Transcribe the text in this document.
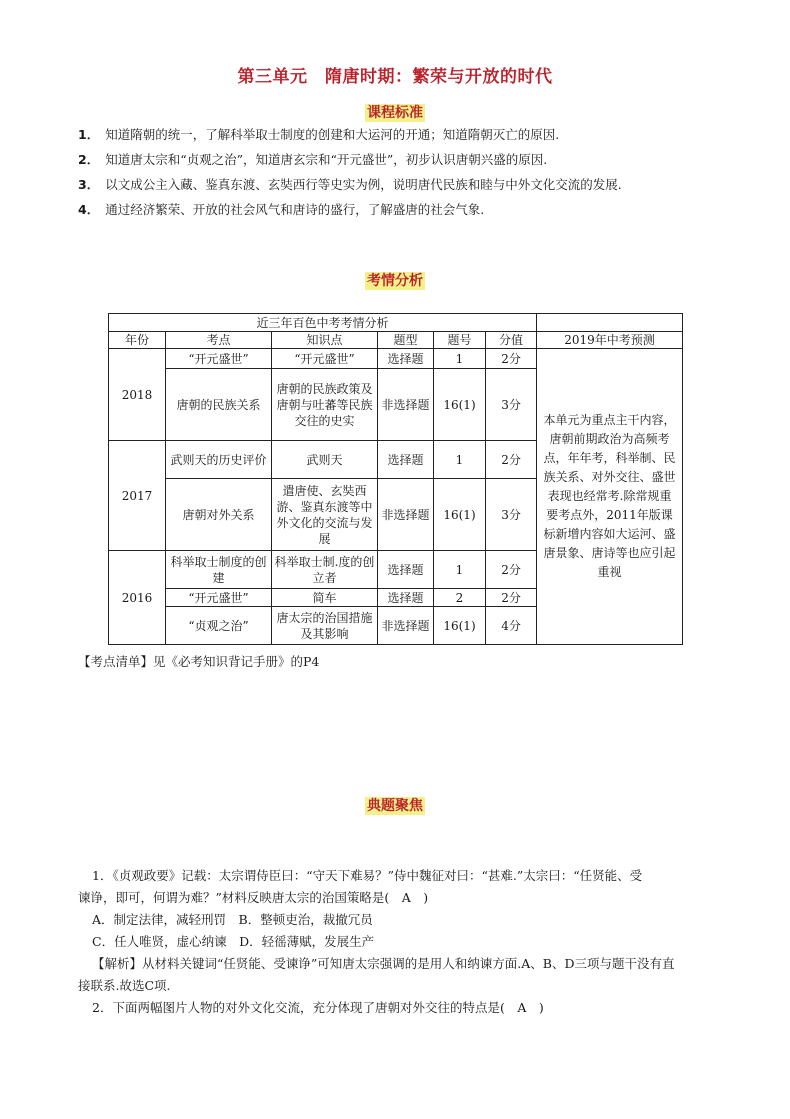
第三单元　隋唐时期：繁荣与开放的时代
课程标准
1． 知道隋朝的统一，了解科举取士制度的创建和大运河的开通；知道隋朝灭亡的原因.
2． 知道唐太宗和“贞观之治”，知道唐玄宗和“开元盛世”，初步认识唐朝兴盛的原因.
3． 以文成公主入藏、鉴真东渡、玄奘西行等史实为例，说明唐代民族和睦与中外文化交流的发展.
4． 通过经济繁荣、开放的社会风气和唐诗的盛行，了解盛唐的社会气象.
考情分析
近三年百色中考考情分析						
年份	考点	知识点	题型	题号	分值	2019年中考预测
2018	“开元盛世”	“开元盛世”	选择题	1	2分	本单元为重点主干内容，唐朝前期政治为高频考点，年年考，科举制、民族关系、对外交往、盛世表现也经常考.除常规重要考点外，2011年版课标新增内容如大运河、盛唐景象、唐诗等也应引起重视
	唐朝的民族关系	唐朝的民族政策及唐朝与吐蕃等民族交往的史实	非选择题	16(1)	3分	
2017	武则天的历史评价	武则天	选择题	1	2分	
	唐朝对外关系	遣唐使、玄奘西游、鉴真东渡等中外文化的交流与发展	非选择题	16(1)	3分	
2016	科举取士制度的创建	科举取士制.度的创立者	选择题	1	2分	
	“开元盛世”	简车	选择题	2	2分	
	“贞观之治”	唐太宗的治国措施及其影响	非选择题	16(1)	4分	
【考点清单】见《必考知识背记手册》的P4
典题聚焦
1．《贞观政要》记载：太宗谓侍臣曰：“守天下难易？”侍中魏征对曰：“甚难.”太宗曰：“任贤能、受
谏诤，即可，何谓为难？”材料反映唐太宗的治国策略是(　A　)
A．制定法律，减轻刑罚　B．整顿吏治，裁撤冗员
C．任人唯贤，虚心纳谏　D．轻徭薄赋，发展生产
【解析】从材料关键词“任贤能、受谏诤”可知唐太宗强调的是用人和纳谏方面.A、B、D三项与题干没有直
接联系.故选C项.
2．下面两幅图片人物的对外文化交流，充分体现了唐朝对外交往的特点是(　A　)
